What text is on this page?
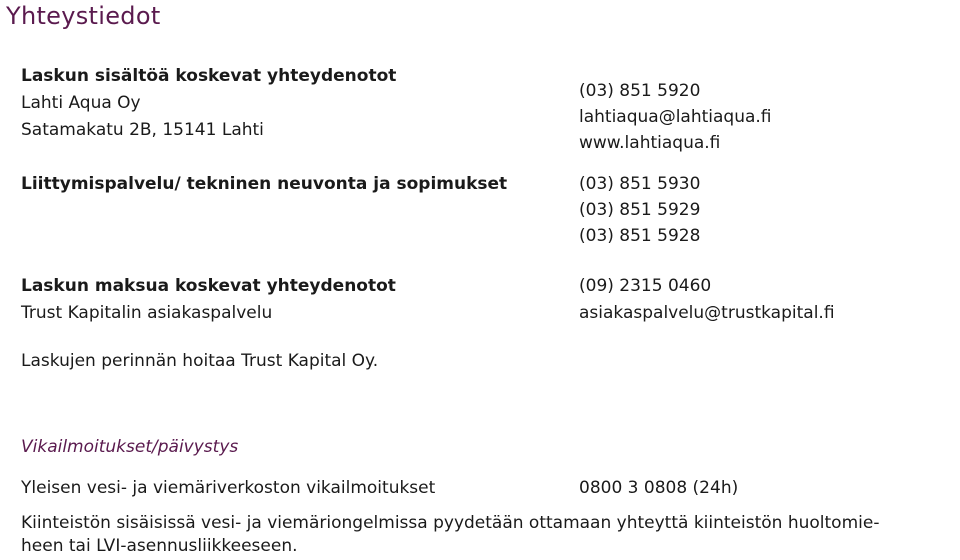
Yhteystiedot
Laskun sisältöä koskevat yhteydenotot
Lahti Aqua Oy
Satamakatu 2B, 15141 Lahti
(03) 851 5920
lahtiaqua@lahtiaqua.fi
www.lahtiaqua.fi
Liittymispalvelu/ tekninen neuvonta ja sopimukset	(03) 851 5930
(03) 851 5929
(03) 851 5928
Laskun maksua koskevat yhteydenotot
Trust Kapitalin asiakaspalvelu
(09) 2315 0460
asiakaspalvelu@trustkapital.fi
Laskujen perinnän hoitaa Trust Kapital Oy.
Vikailmoitukset/päivystys
Yleisen vesi- ja viemäriverkoston vikailmoitukset	0800 3 0808 (24h)
Kiinteistön sisäisissä vesi- ja viemäriongelmissa pyydetään ottamaan yhteyttä kiinteistön huoltomie-
heen tai LVI-asennusliikkeeseen.
